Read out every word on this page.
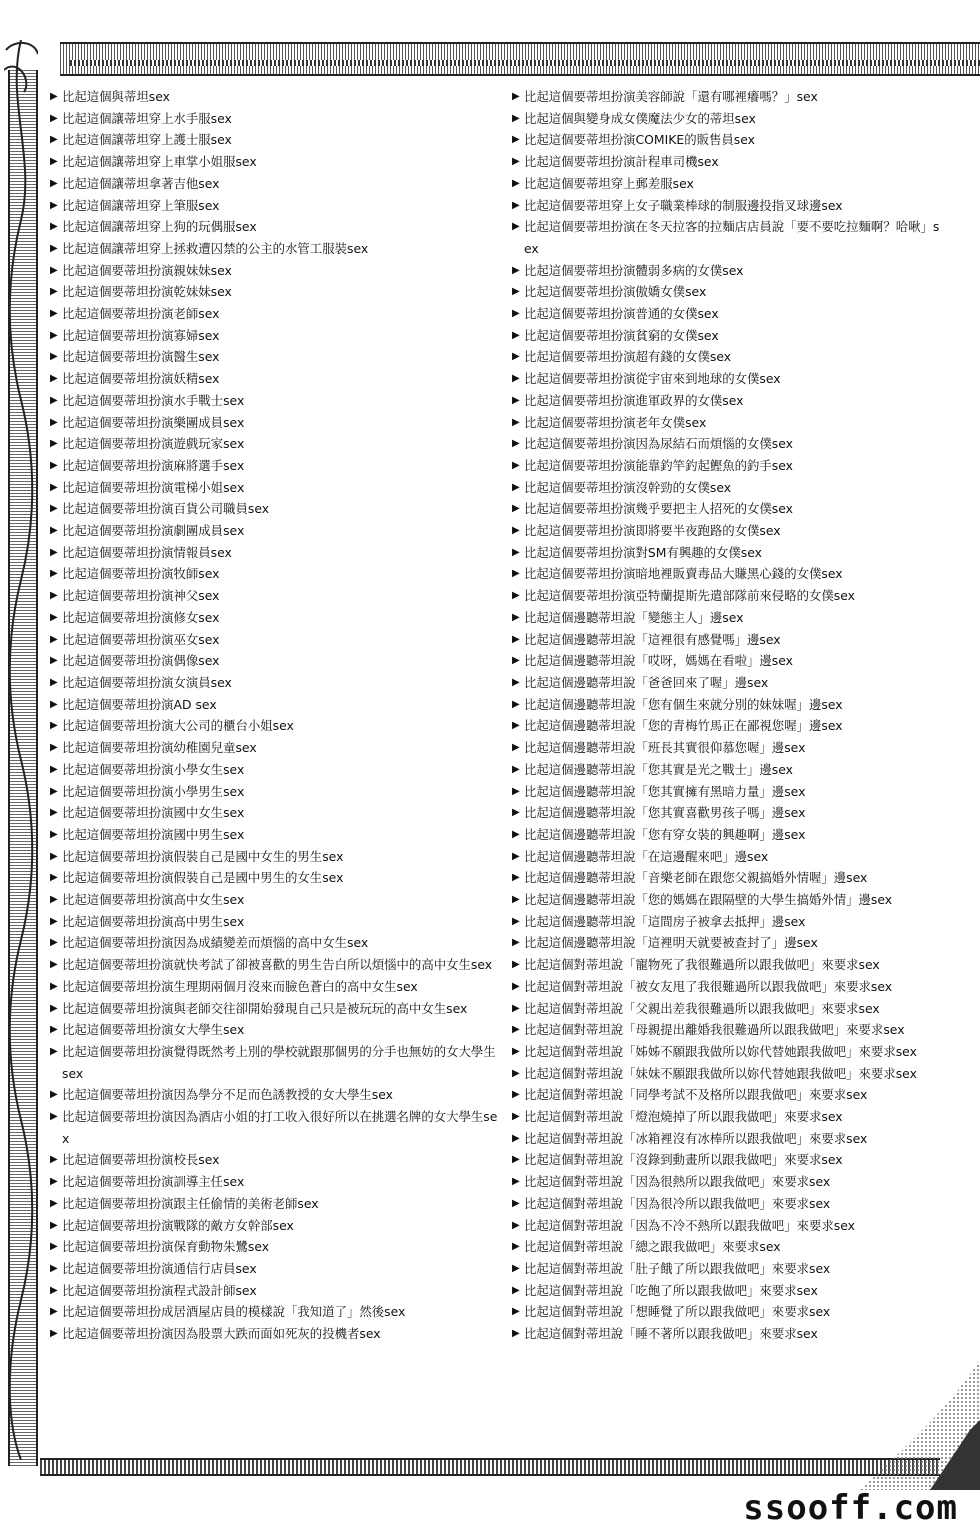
▶ 比起這個與蒂坦sex

▶ 比起這個讓蒂坦穿上水手服sex

▶ 比起這個讓蒂坦穿上護士服sex

▶ 比起這個讓蒂坦穿上車掌小姐服sex

▶ 比起這個讓蒂坦拿著吉他sex

▶ 比起這個讓蒂坦穿上筆服sex

▶ 比起這個讓蒂坦穿上狗的玩偶服sex

▶ 比起這個讓蒂坦穿上拯救遭囚禁的公主的水管工服裝sex

▶ 比起這個要蒂坦扮演親妹妹sex

▶ 比起這個要蒂坦扮演乾妹妹sex

▶ 比起這個要蒂坦扮演老師sex

▶ 比起這個要蒂坦扮演寡婦sex

▶ 比起這個要蒂坦扮演醫生sex

▶ 比起這個要蒂坦扮演妖精sex

▶ 比起這個要蒂坦扮演水手戰士sex

▶ 比起這個要蒂坦扮演樂團成員sex

▶ 比起這個要蒂坦扮演遊戲玩家sex

▶ 比起這個要蒂坦扮演麻將選手sex

▶ 比起這個要蒂坦扮演電梯小姐sex

▶ 比起這個要蒂坦扮演百貨公司職員sex

▶ 比起這個要蒂坦扮演劇團成員sex

▶ 比起這個要蒂坦扮演情報員sex

▶ 比起這個要蒂坦扮演牧師sex

▶ 比起這個要蒂坦扮演神父sex

▶ 比起這個要蒂坦扮演修女sex

▶ 比起這個要蒂坦扮演巫女sex

▶ 比起這個要蒂坦扮演偶像sex

▶ 比起這個要蒂坦扮演女演員sex

▶ 比起這個要蒂坦扮演AD sex

▶ 比起這個要蒂坦扮演大公司的櫃台小姐sex

▶ 比起這個要蒂坦扮演幼稚園兒童sex

▶ 比起這個要蒂坦扮演小學女生sex

▶ 比起這個要蒂坦扮演小學男生sex

▶ 比起這個要蒂坦扮演國中女生sex

▶ 比起這個要蒂坦扮演國中男生sex

▶ 比起這個要蒂坦扮演假裝自己是國中女生的男生sex

▶ 比起這個要蒂坦扮演假裝自己是國中男生的女生sex

▶ 比起這個要蒂坦扮演高中女生sex

▶ 比起這個要蒂坦扮演高中男生sex

▶ 比起這個要蒂坦扮演因為成績變差而煩惱的高中女生sex

▶ 比起這個要蒂坦扮演就快考試了卻被喜歡的男生告白所以煩惱中的高中女生sex

▶ 比起這個要蒂坦扮演生理期兩個月沒來而臉色蒼白的高中女生sex

▶ 比起這個要蒂坦扮演與老師交往卻開始發現自己只是被玩玩的高中女生sex

▶ 比起這個要蒂坦扮演女大學生sex

▶ 比起這個要蒂坦扮演覺得既然考上別的學校就跟那個男的分手也無妨的女大學生sex

▶ 比起這個要蒂坦扮演因為學分不足而色誘教授的女大學生sex

▶ 比起這個要蒂坦扮演因為酒店小姐的打工收入很好所以在挑選名牌的女大學生sex

▶ 比起這個要蒂坦扮演校長sex

▶ 比起這個要蒂坦扮演訓導主任sex

▶ 比起這個要蒂坦扮演跟主任偷情的美術老師sex

▶ 比起這個要蒂坦扮演戰隊的敵方女幹部sex

▶ 比起這個要蒂坦扮演保育動物朱鷺sex

▶ 比起這個要蒂坦扮演通信行店員sex

▶ 比起這個要蒂坦扮演程式設計師sex

▶ 比起這個要蒂坦扮成居酒屋店員的模樣說「我知道了」然後sex

▶ 比起這個要蒂坦扮演因為股票大跌而面如死灰的投機者sex

▶ 比起這個要蒂坦扮演美容師說「還有哪裡癢嗎？」sex

▶ 比起這個與變身成女僕魔法少女的蒂坦sex

▶ 比起這個要蒂坦扮演COMIKE的販售員sex

▶ 比起這個要蒂坦扮演計程車司機sex

▶ 比起這個要蒂坦穿上郵差服sex

▶ 比起這個要蒂坦穿上女子職業棒球的制服邊投指叉球邊sex

▶ 比起這個要蒂坦扮演在冬天拉客的拉麵店店員說「要不要吃拉麵啊？哈啾」sex

▶ 比起這個要蒂坦扮演體弱多病的女僕sex

▶ 比起這個要蒂坦扮演傲嬌女僕sex

▶ 比起這個要蒂坦扮演普通的女僕sex

▶ 比起這個要蒂坦扮演貧窮的女僕sex

▶ 比起這個要蒂坦扮演超有錢的女僕sex

▶ 比起這個要蒂坦扮演從宇宙來到地球的女僕sex

▶ 比起這個要蒂坦扮演進軍政界的女僕sex

▶ 比起這個要蒂坦扮演老年女僕sex

▶ 比起這個要蒂坦扮演因為尿結石而煩惱的女僕sex

▶ 比起這個要蒂坦扮演能靠釣竿釣起鰹魚的釣手sex

▶ 比起這個要蒂坦扮演沒幹勁的女僕sex

▶ 比起這個要蒂坦扮演幾乎要把主人招死的女僕sex

▶ 比起這個要蒂坦扮演即將要半夜跑路的女僕sex

▶ 比起這個要蒂坦扮演對SM有興趣的女僕sex

▶ 比起這個要蒂坦扮演暗地裡販賣毒品大賺黑心錢的女僕sex

▶ 比起這個要蒂坦扮演亞特蘭提斯先遣部隊前來侵略的女僕sex

▶ 比起這個邊聽蒂坦說「變態主人」邊sex

▶ 比起這個邊聽蒂坦說「這裡很有感覺嗎」邊sex

▶ 比起這個邊聽蒂坦說「哎呀，媽媽在看啦」邊sex

▶ 比起這個邊聽蒂坦說「爸爸回來了喔」邊sex

▶ 比起這個邊聽蒂坦說「您有個生來就分別的妹妹喔」邊sex

▶ 比起這個邊聽蒂坦說「您的青梅竹馬正在鄙視您喔」邊sex

▶ 比起這個邊聽蒂坦說「班長其實很仰慕您喔」邊sex

▶ 比起這個邊聽蒂坦說「您其實是光之戰士」邊sex

▶ 比起這個邊聽蒂坦說「您其實擁有黑暗力量」邊sex

▶ 比起這個邊聽蒂坦說「您其實喜歡男孩子嗎」邊sex

▶ 比起這個邊聽蒂坦說「您有穿女裝的興趣啊」邊sex

▶ 比起這個邊聽蒂坦說「在這邊醒來吧」邊sex

▶ 比起這個邊聽蒂坦說「音樂老師在跟您父親搞婚外情喔」邊sex

▶ 比起這個邊聽蒂坦說「您的媽媽在跟隔壁的大學生搞婚外情」邊sex

▶ 比起這個邊聽蒂坦說「這間房子被拿去抵押」邊sex

▶ 比起這個邊聽蒂坦說「這裡明天就要被查封了」邊sex

▶ 比起這個對蒂坦說「寵物死了我很難過所以跟我做吧」來要求sex

▶ 比起這個對蒂坦說「被女友甩了我很難過所以跟我做吧」來要求sex

▶ 比起這個對蒂坦說「父親出差我很難過所以跟我做吧」來要求sex

▶ 比起這個對蒂坦說「母親提出離婚我很難過所以跟我做吧」來要求sex

▶ 比起這個對蒂坦說「姊姊不願跟我做所以妳代替她跟我做吧」來要求sex

▶ 比起這個對蒂坦說「妹妹不願跟我做所以妳代替她跟我做吧」來要求sex

▶ 比起這個對蒂坦說「同學考試不及格所以跟我做吧」來要求sex

▶ 比起這個對蒂坦說「燈泡燒掉了所以跟我做吧」來要求sex

▶ 比起這個對蒂坦說「冰箱裡沒有冰棒所以跟我做吧」來要求sex

▶ 比起這個對蒂坦說「沒錄到動畫所以跟我做吧」來要求sex

▶ 比起這個對蒂坦說「因為很熱所以跟我做吧」來要求sex

▶ 比起這個對蒂坦說「因為很冷所以跟我做吧」來要求sex

▶ 比起這個對蒂坦說「因為不冷不熱所以跟我做吧」來要求sex

▶ 比起這個對蒂坦說「總之跟我做吧」來要求sex

▶ 比起這個對蒂坦說「肚子餓了所以跟我做吧」來要求sex

▶ 比起這個對蒂坦說「吃飽了所以跟我做吧」來要求sex

▶ 比起這個對蒂坦說「想睡覺了所以跟我做吧」來要求sex

▶ 比起這個對蒂坦說「睡不著所以跟我做吧」來要求sex

ssooff.com
